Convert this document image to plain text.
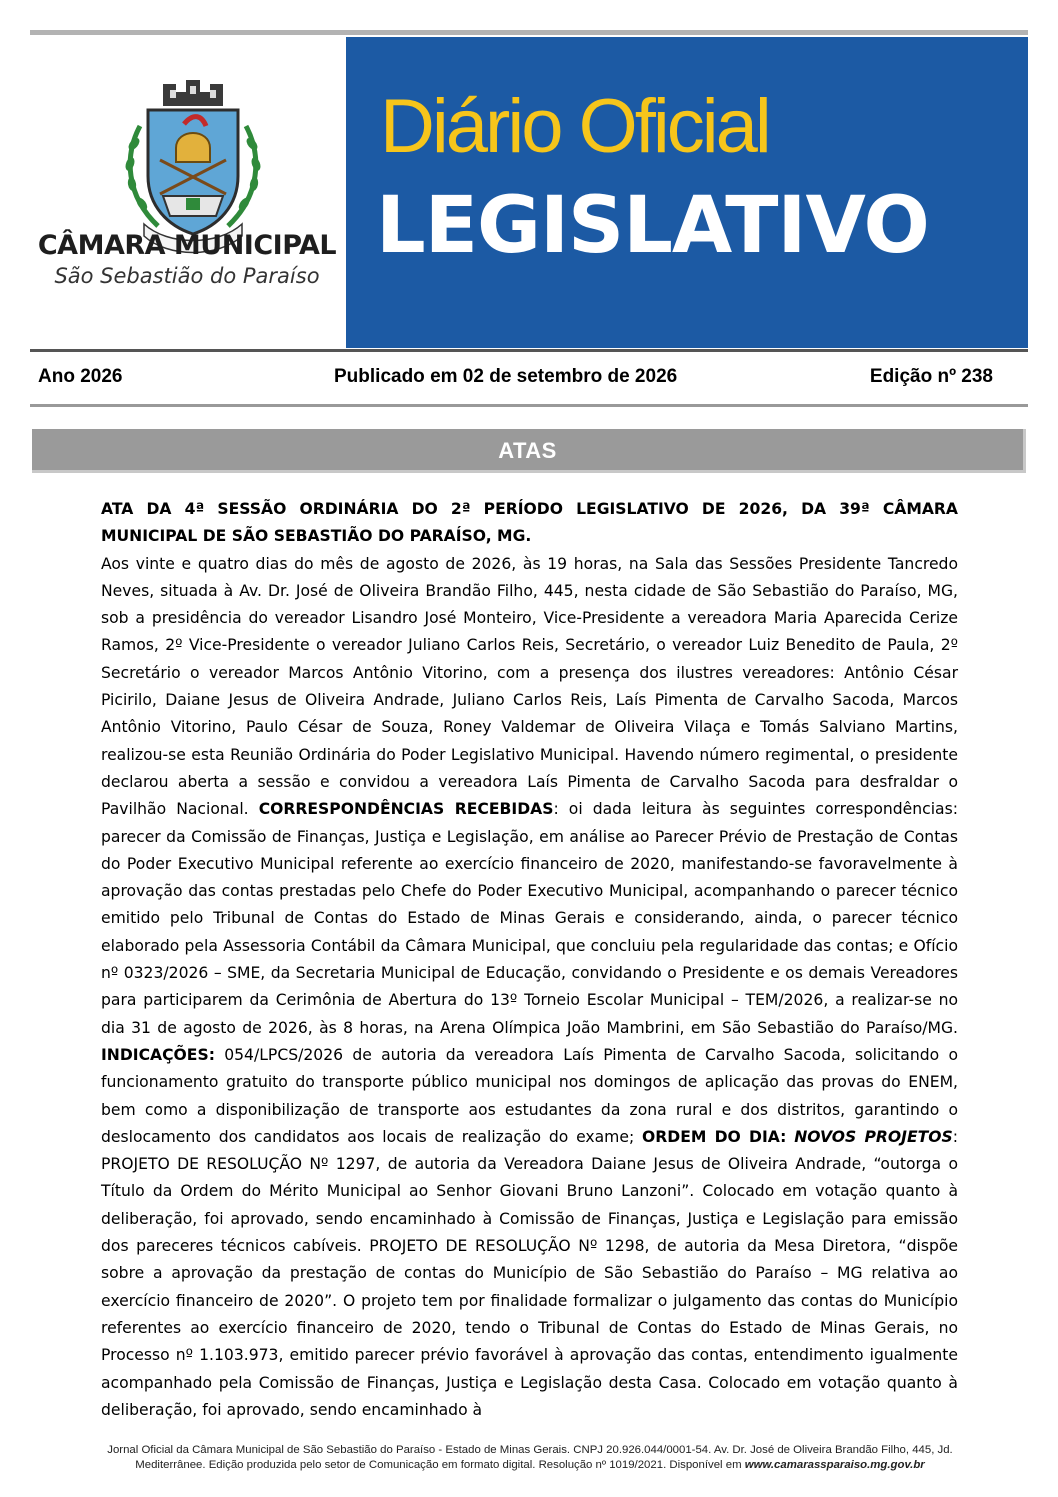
CÂMARA MUNICIPAL
São Sebastião do Paraíso
Diário Oficial
LEGISLATIVO
Ano 2026	Publicado em 02 de setembro de 2026	Edição nº 238
ATAS

ATA DA 4ª SESSÃO ORDINÁRIA DO 2ª PERÍODO LEGISLATIVO DE 2026, DA 39ª CÂMARA MUNICIPAL DE SÃO SEBASTIÃO DO PARAÍSO, MG.

Aos vinte e quatro dias do mês de agosto de 2026, às 19 horas, na Sala das Sessões Presidente Tancredo Neves, situada à Av. Dr. José de Oliveira Brandão Filho, 445, nesta cidade de São Sebastião do Paraíso, MG, sob a presidência do vereador Lisandro José Monteiro, Vice-Presidente a vereadora Maria Aparecida Cerize Ramos, 2º Vice-Presidente o vereador Juliano Carlos Reis, Secretário, o vereador Luiz Benedito de Paula, 2º Secretário o vereador Marcos Antônio Vitorino, com a presença dos ilustres vereadores: Antônio César Picirilo, Daiane Jesus de Oliveira Andrade, Juliano Carlos Reis, Laís Pimenta de Carvalho Sacoda, Marcos Antônio Vitorino, Paulo César de Souza, Roney Valdemar de Oliveira Vilaça e Tomás Salviano Martins, realizou-se esta Reunião Ordinária do Poder Legislativo Municipal. Havendo número regimental, o presidente declarou aberta a sessão e convidou a vereadora Laís Pimenta de Carvalho Sacoda para desfraldar o Pavilhão Nacional. CORRESPONDÊNCIAS RECEBIDAS: oi dada leitura às seguintes correspondências: parecer da Comissão de Finanças, Justiça e Legislação, em análise ao Parecer Prévio de Prestação de Contas do Poder Executivo Municipal referente ao exercício financeiro de 2020, manifestando-se favoravelmente à aprovação das contas prestadas pelo Chefe do Poder Executivo Municipal, acompanhando o parecer técnico emitido pelo Tribunal de Contas do Estado de Minas Gerais e considerando, ainda, o parecer técnico elaborado pela Assessoria Contábil da Câmara Municipal, que concluiu pela regularidade das contas; e Ofício nº 0323/2026 – SME, da Secretaria Municipal de Educação, convidando o Presidente e os demais Vereadores para participarem da Cerimônia de Abertura do 13º Torneio Escolar Municipal – TEM/2026, a realizar-se no dia 31 de agosto de 2026, às 8 horas, na Arena Olímpica João Mambrini, em São Sebastião do Paraíso/MG. INDICAÇÕES: 054/LPCS/2026 de autoria da vereadora Laís Pimenta de Carvalho Sacoda, solicitando o funcionamento gratuito do transporte público municipal nos domingos de aplicação das provas do ENEM, bem como a disponibilização de transporte aos estudantes da zona rural e dos distritos, garantindo o deslocamento dos candidatos aos locais de realização do exame; ORDEM DO DIA: NOVOS PROJETOS: PROJETO DE RESOLUÇÃO Nº 1297, de autoria da Vereadora Daiane Jesus de Oliveira Andrade, “outorga o Título da Ordem do Mérito Municipal ao Senhor Giovani Bruno Lanzoni”. Colocado em votação quanto à deliberação, foi aprovado, sendo encaminhado à Comissão de Finanças, Justiça e Legislação para emissão dos pareceres técnicos cabíveis. PROJETO DE RESOLUÇÃO Nº 1298, de autoria da Mesa Diretora, “dispõe sobre a aprovação da prestação de contas do Município de São Sebastião do Paraíso – MG relativa ao exercício financeiro de 2020”. O projeto tem por finalidade formalizar o julgamento das contas do Município referentes ao exercício financeiro de 2020, tendo o Tribunal de Contas do Estado de Minas Gerais, no Processo nº 1.103.973, emitido parecer prévio favorável à aprovação das contas, entendimento igualmente acompanhado pela Comissão de Finanças, Justiça e Legislação desta Casa. Colocado em votação quanto à deliberação, foi aprovado, sendo encaminhado à

Jornal Oficial da Câmara Municipal de São Sebastião do Paraíso - Estado de Minas Gerais. CNPJ 20.926.044/0001-54. Av. Dr. José de Oliveira Brandão Filho, 445, Jd.
Mediterrânee. Edição produzida pelo setor de Comunicação em formato digital. Resolução nº 1019/2021. Disponível em www.camarassparaiso.mg.gov.br
